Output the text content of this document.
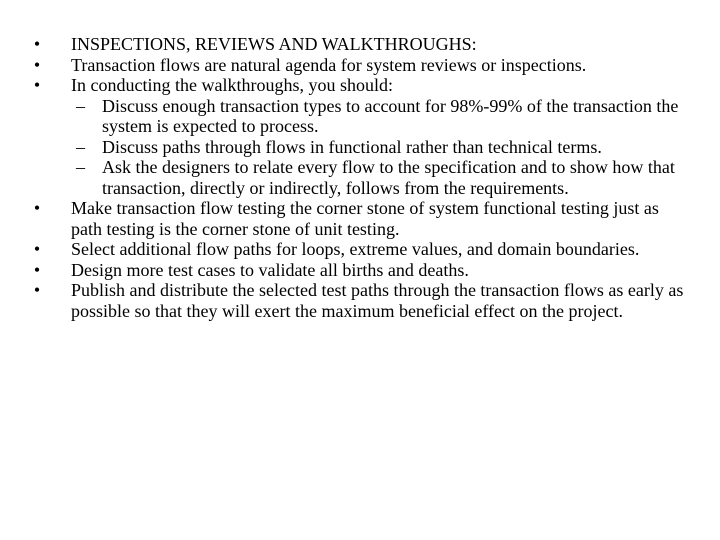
•	INSPECTIONS, REVIEWS AND WALKTHROUGHS:
•	Transaction flows are natural agenda for system reviews or inspections.
•	In conducting the walkthroughs, you should:
– Discuss enough transaction types to account for 98%-99% of the transaction the system is expected to process.
– Discuss paths through flows in functional rather than technical terms.
– Ask the designers to relate every flow to the specification and to show how that transaction, directly or indirectly, follows from the requirements.
•	Make transaction flow testing the corner stone of system functional testing just as path testing is the corner stone of unit testing.
•	Select additional flow paths for loops, extreme values, and domain boundaries.
•	Design more test cases to validate all births and deaths.
•	Publish and distribute the selected test paths through the transaction flows as early as possible so that they will exert the maximum beneficial effect on the project.
